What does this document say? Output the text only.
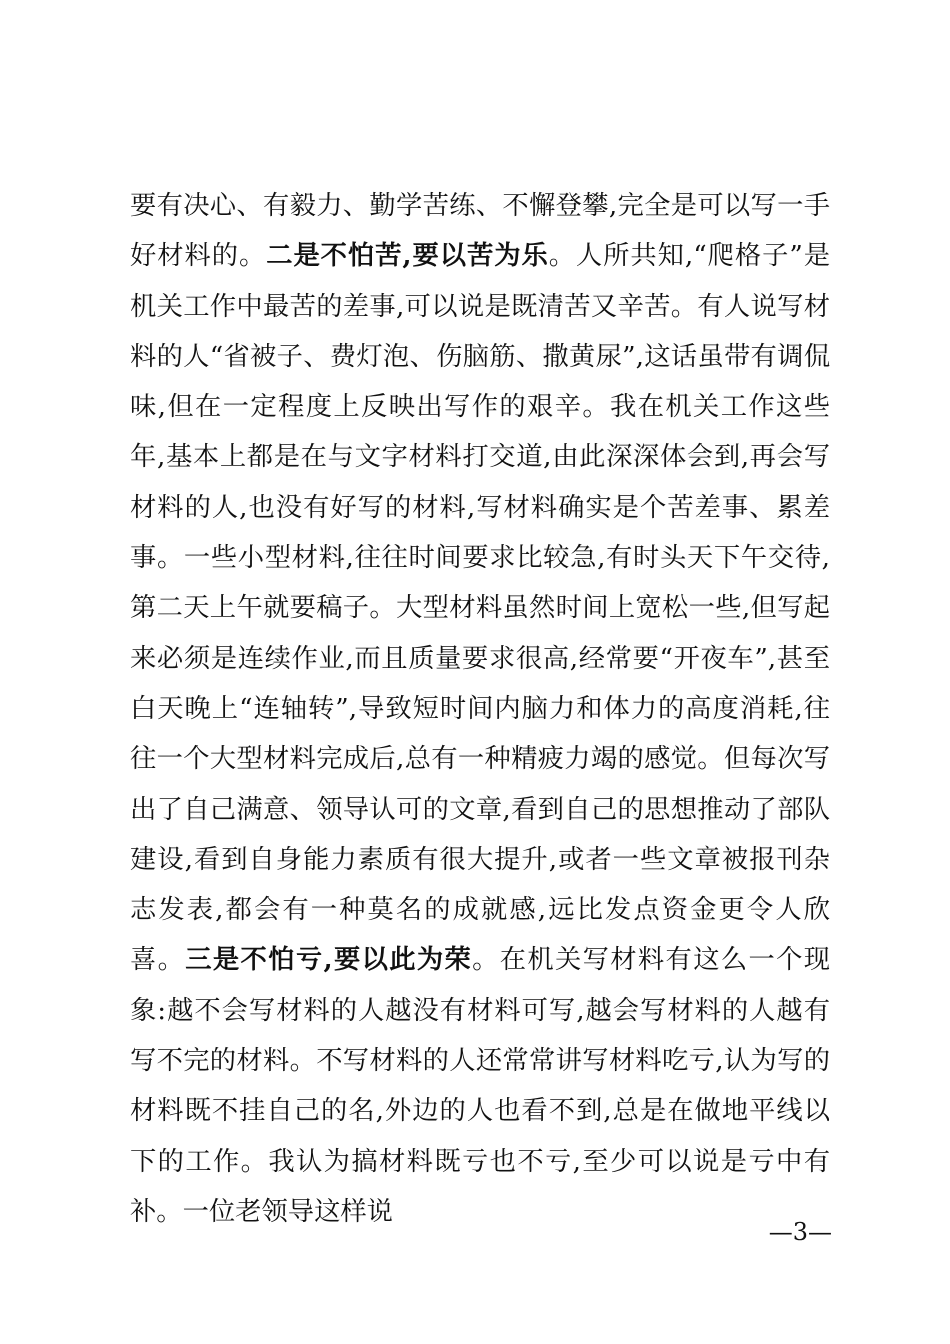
要有决心、有毅力、勤学苦练、不懈登攀,完全是可以写一手好材料的。二是不怕苦,要以苦为乐。人所共知,“爬格子”是机关工作中最苦的差事,可以说是既清苦又辛苦。有人说写材料的人“省被子、费灯泡、伤脑筋、撒黄尿”,这话虽带有调侃味,但在一定程度上反映出写作的艰辛。我在机关工作这些年,基本上都是在与文字材料打交道,由此深深体会到,再会写材料的人,也没有好写的材料,写材料确实是个苦差事、累差事。一些小型材料,往往时间要求比较急,有时头天下午交待,第二天上午就要稿子。大型材料虽然时间上宽松一些,但写起来必须是连续作业,而且质量要求很高,经常要“开夜车”,甚至白天晚上“连轴转”,导致短时间内脑力和体力的高度消耗,往往一个大型材料完成后,总有一种精疲力竭的感觉。但每次写出了自己满意、领导认可的文章,看到自己的思想推动了部队建设,看到自身能力素质有很大提升,或者一些文章被报刊杂志发表,都会有一种莫名的成就感,远比发点资金更令人欣喜。三是不怕亏,要以此为荣。在机关写材料有这么一个现象:越不会写材料的人越没有材料可写,越会写材料的人越有写不完的材料。不写材料的人还常常讲写材料吃亏,认为写的材料既不挂自己的名,外边的人也看不到,总是在做地平线以下的工作。我认为搞材料既亏也不亏,至少可以说是亏中有补。一位老领导这样说

—3—
